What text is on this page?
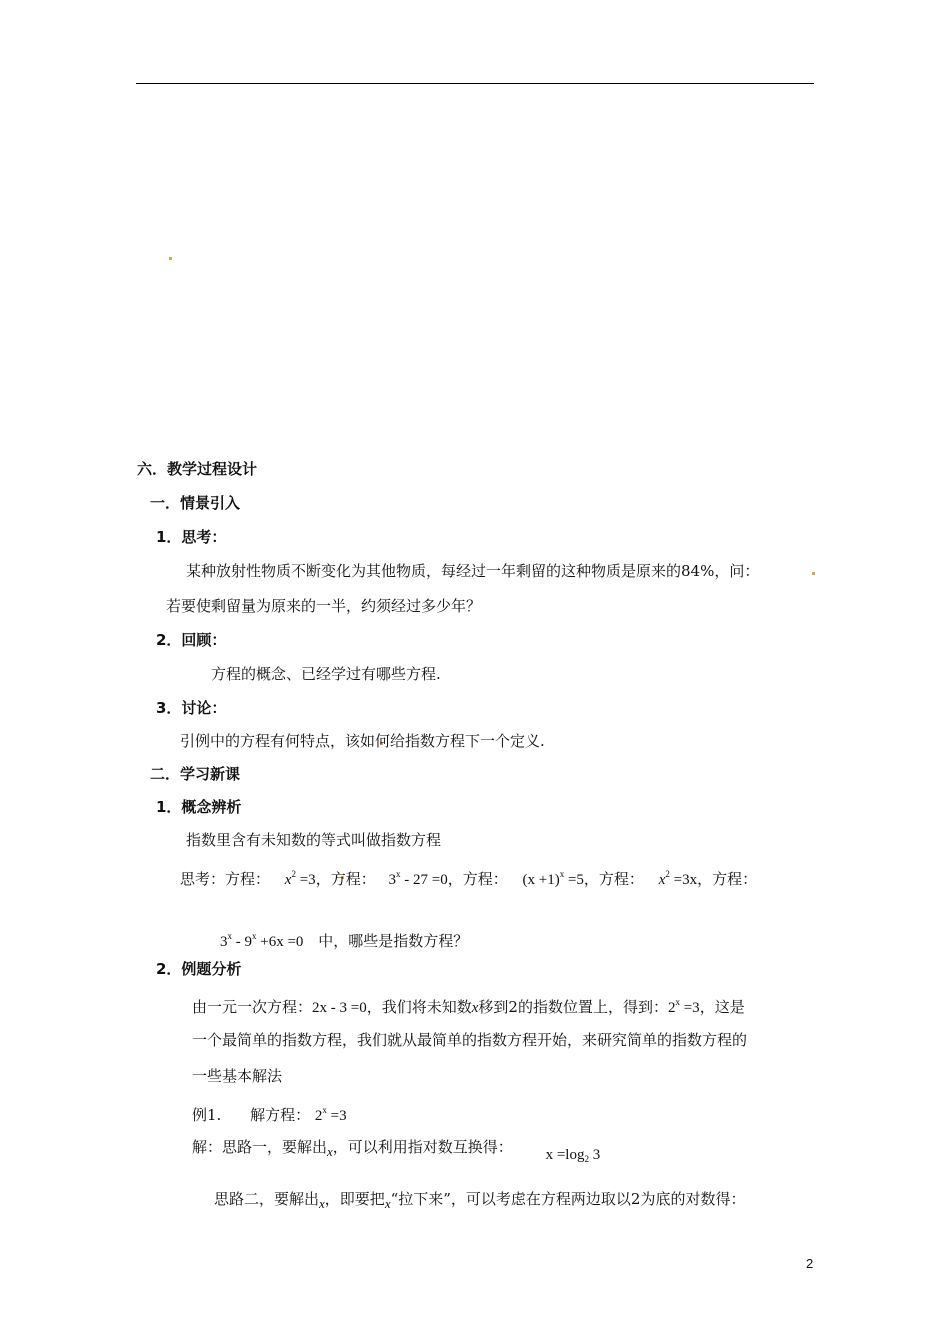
六．教学过程设计
一．情景引入
1．思考：
某种放射性物质不断变化为其他物质，每经过一年剩留的这种物质是原来的84%，问：
若要使剩留量为原来的一半，约须经过多少年？
2．回顾：
方程的概念、已经学过有哪些方程.
3．讨论：
引例中的方程有何特点，该如何给指数方程下一个定义.
二．学习新课
1．概念辨析
指数里含有未知数的等式叫做指数方程
思考：方程： $x^2 =3$，方程： 3$^x$ - 27 =0，方程： $(x +1)^x =5$，方程： $x^2 =3x$，方程：
$3^x - 9^x +6x =0$ 中，哪些是指数方程？
2．例题分析
由一元一次方程：2x - 3 =0，我们将未知数x移到2的指数位置上，得到：$2^x =3$，这是
一个最简单的指数方程，我们就从最简单的指数方程开始，来研究简单的指数方程的
一些基本解法
例1. 解方程： $2^x =3$
解：思路一，要解出x，可以利用指对数互换得： $x =\log_2$ 3
思路二，要解出x，即要把x“拉下来”，可以考虑在方程两边取以2为底的对数得：
2
